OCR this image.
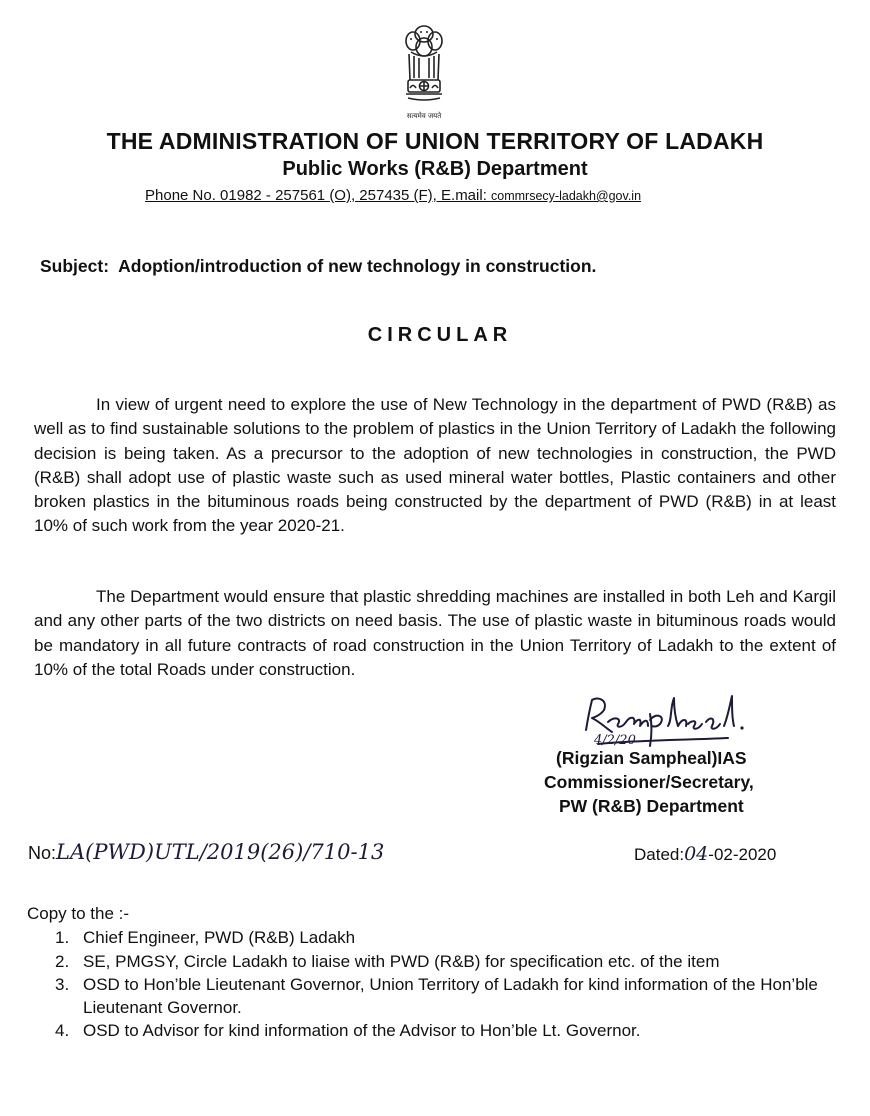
सत्यमेव जयते
THE ADMINISTRATION OF UNION TERRITORY OF LADAKH
Public Works (R&B) Department
Phone No. 01982 - 257561 (O), 257435 (F), E.mail: commrsecy-ladakh@gov.in
Subject: Adoption/introduction of new technology in construction.
CIRCULAR

In view of urgent need to explore the use of New Technology in the department of PWD (R&B) as well as to find sustainable solutions to the problem of plastics in the Union Territory of Ladakh the following decision is being taken. As a precursor to the adoption of new technologies in construction, the PWD (R&B) shall adopt use of plastic waste such as used mineral water bottles, Plastic containers and other broken plastics in the bituminous roads being constructed by the department of PWD (R&B) in at least 10% of such work from the year 2020-21.

The Department would ensure that plastic shredding machines are installed in both Leh and Kargil and any other parts of the two districts on need basis. The use of plastic waste in bituminous roads would be mandatory in all future contracts of road construction in the Union Territory of Ladakh to the extent of 10% of the total Roads under construction.

4/2/20
(Rigzian Sampheal)IAS
Commissioner/Secretary,
PW (R&B) Department
No:LA(PWD)UTL/2019(26)/710-13	Dated:04-02-2020
Copy to the :-
1. Chief Engineer, PWD (R&B) Ladakh
2. SE, PMGSY, Circle Ladakh to liaise with PWD (R&B) for specification etc. of the item
3. OSD to Hon’ble Lieutenant Governor, Union Territory of Ladakh for kind information of the Hon’ble Lieutenant Governor.
4. OSD to Advisor for kind information of the Advisor to Hon’ble Lt. Governor.
